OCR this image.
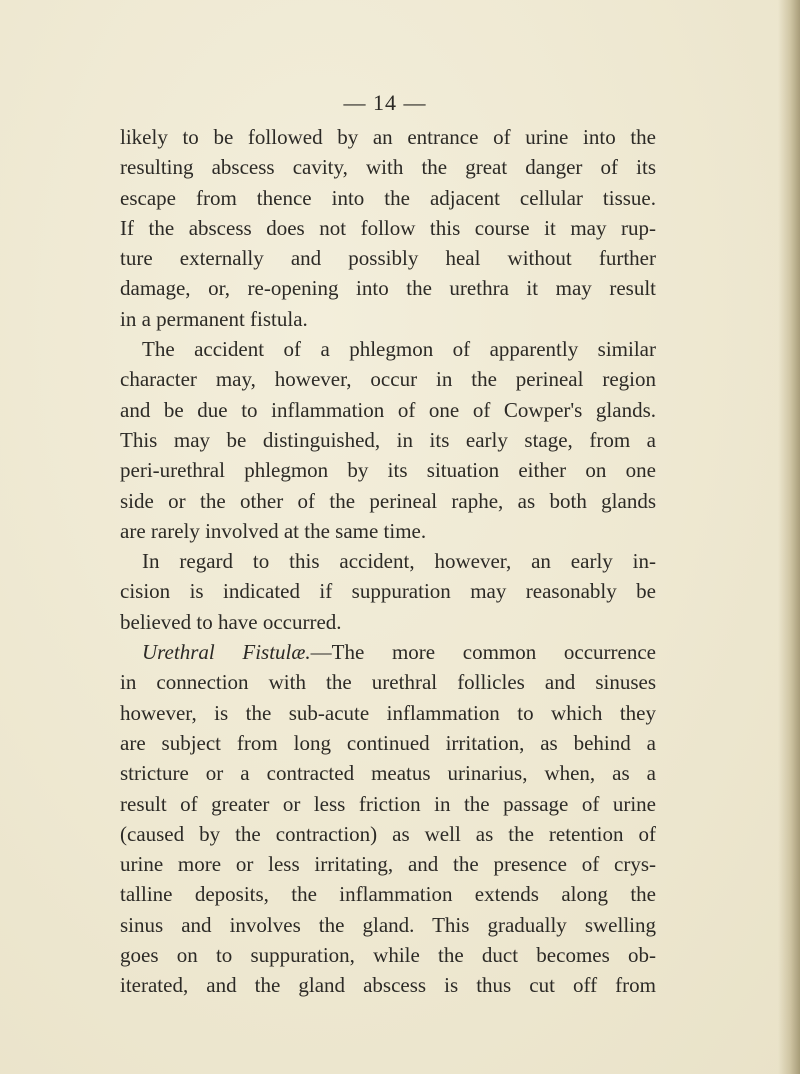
— 14 —
likely to be followed by an entrance of urine into the
resulting abscess cavity, with the great danger of its
escape from thence into the adjacent cellular tissue.
If the abscess does not follow this course it may rup-
ture externally and possibly heal without further
damage, or, re-opening into the urethra it may result
in a permanent fistula.
The accident of a phlegmon of apparently similar
character may, however, occur in the perineal region
and be due to inflammation of one of Cowper's glands.
This may be distinguished, in its early stage, from a
peri-urethral phlegmon by its situation either on one
side or the other of the perineal raphe, as both glands
are rarely involved at the same time.
In regard to this accident, however, an early in-
cision is indicated if suppuration may reasonably be
believed to have occurred.
Urethral Fistulæ.—The more common occurrence
in connection with the urethral follicles and sinuses
however, is the sub-acute inflammation to which they
are subject from long continued irritation, as behind a
stricture or a contracted meatus urinarius, when, as a
result of greater or less friction in the passage of urine
(caused by the contraction) as well as the retention of
urine more or less irritating, and the presence of crys-
talline deposits, the inflammation extends along the
sinus and involves the gland. This gradually swelling
goes on to suppuration, while the duct becomes ob-
iterated, and the gland abscess is thus cut off from
